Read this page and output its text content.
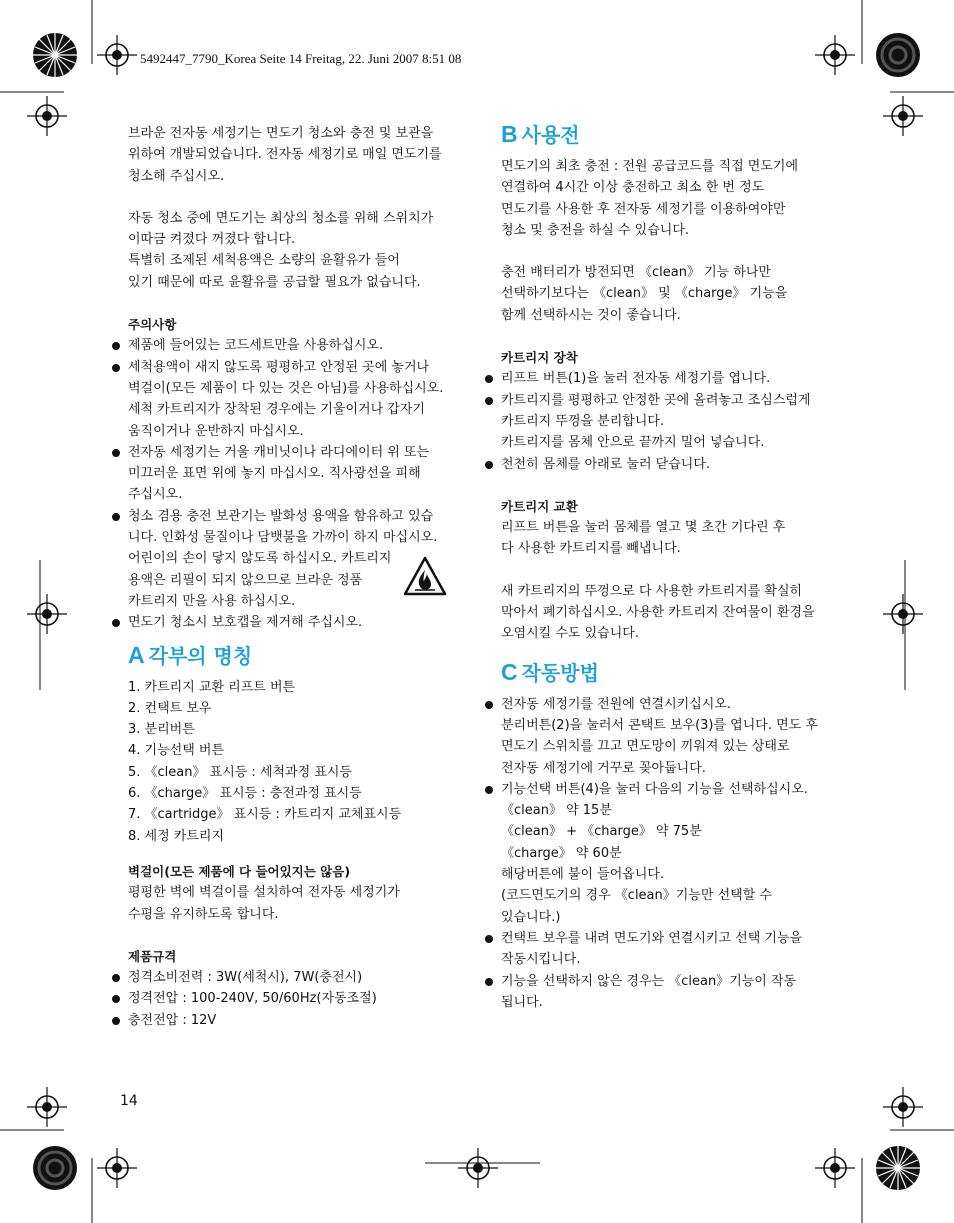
5492447_7790_Korea Seite 14 Freitag, 22. Juni 2007 8:51 08
브라운 전자동 세정기는 면도기 청소와 충전 및 보관을
위하여 개발되었습니다. 전자동 세정기로 매일 면도기를
청소해 주십시오.
자동 청소 중에 면도기는 최상의 청소를 위해 스위치가
이따금 켜졌다 꺼졌다 합니다.
특별히 조제된 세척용액은 소량의 윤활유가 들어
있기 때문에 따로 윤활유를 공급할 필요가 없습니다.
주의사항
제품에 들어있는 코드세트만을 사용하십시오.
세척용액이 새지 않도록 평평하고 안정된 곳에 놓거나
벽걸이(모든 제품이 다 있는 것은 아님)를 사용하십시오.
세척 카트리지가 장착된 경우에는 기울이거나 갑자기
움직이거나 운반하지 마십시오.
전자동 세정기는 거울 캐비닛이나 라디에이터 위 또는
미끄러운 표면 위에 놓지 마십시오. 직사광선을 피해
주십시오.
청소 겸용 충전 보관기는 발화성 용액을 함유하고 있습
니다. 인화성 물질이나 담뱃불을 가까이 하지 마십시오.
어린이의 손이 닿지 않도록 하십시오. 카트리지
용액은 리필이 되지 않으므로 브라운 정품
카트리지 만을 사용 하십시오.
면도기 청소시 보호캡을 제거해 주십시오.
A 각부의 명칭
1. 카트리지 교환 리프트 버튼
2. 컨택트 보우
3. 분리버튼
4. 기능선택 버튼
5. 《clean》 표시등 : 세척과정 표시등
6. 《charge》 표시등 : 충전과정 표시등
7. 《cartridge》 표시등 : 카트리지 교체표시등
8. 세정 카트리지
벽걸이(모든 제품에 다 들어있지는 않음)
평평한 벽에 벽걸이를 설치하여 전자동 세정기가
수평을 유지하도록 합니다.
제품규격
정격소비전력 : 3W(세척시), 7W(충전시)
정격전압 : 100-240V, 50/60Hz(자동조절)
충전전압 : 12V
B 사용전
면도기의 최초 충전 : 전원 공급코드를 직접 면도기에
연결하여 4시간 이상 충전하고 최소 한 번 정도
면도기를 사용한 후 전자동 세정기를 이용하여야만
청소 및 충전을 하실 수 있습니다.
충전 배터리가 방전되면 《clean》 기능 하나만
선택하기보다는 《clean》 및 《charge》 기능을
함께 선택하시는 것이 좋습니다.
카트리지 장착
리프트 버튼(1)을 눌러 전자동 세정기를 엽니다.
카트리지를 평평하고 안정한 곳에 올려놓고 조심스럽게
카트리지 뚜껑을 분리합니다.
카트리지를 몸체 안으로 끝까지 밀어 넣습니다.
천천히 몸체를 아래로 눌러 닫습니다.
카트리지 교환
리프트 버튼을 눌러 몸체를 열고 몇 초간 기다린 후
다 사용한 카트리지를 빼냅니다.
새 카트리지의 뚜껑으로 다 사용한 카트리지를 확실히
막아서 폐기하십시오. 사용한 카트리지 잔여물이 환경을
오염시킬 수도 있습니다.
C 작동방법
전자동 세정기를 전원에 연결시키십시오.
분리버튼(2)을 눌러서 콘택트 보우(3)를 엽니다. 면도 후
면도기 스위치를 끄고 면도망이 끼워져 있는 상태로
전자동 세정기에 거꾸로 꽂아둡니다.
기능선택 버튼(4)을 눌러 다음의 기능을 선택하십시오.
《clean》 약 15분
《clean》 + 《charge》 약 75분
《charge》 약 60분
해당버튼에 불이 들어옵니다.
(코드면도기의 경우 《clean》기능만 선택할 수
있습니다.)
컨택트 보우를 내려 면도기와 연결시키고 선택 기능을
작동시킵니다.
기능을 선택하지 않은 경우는 《clean》기능이 작동
됩니다.
14
